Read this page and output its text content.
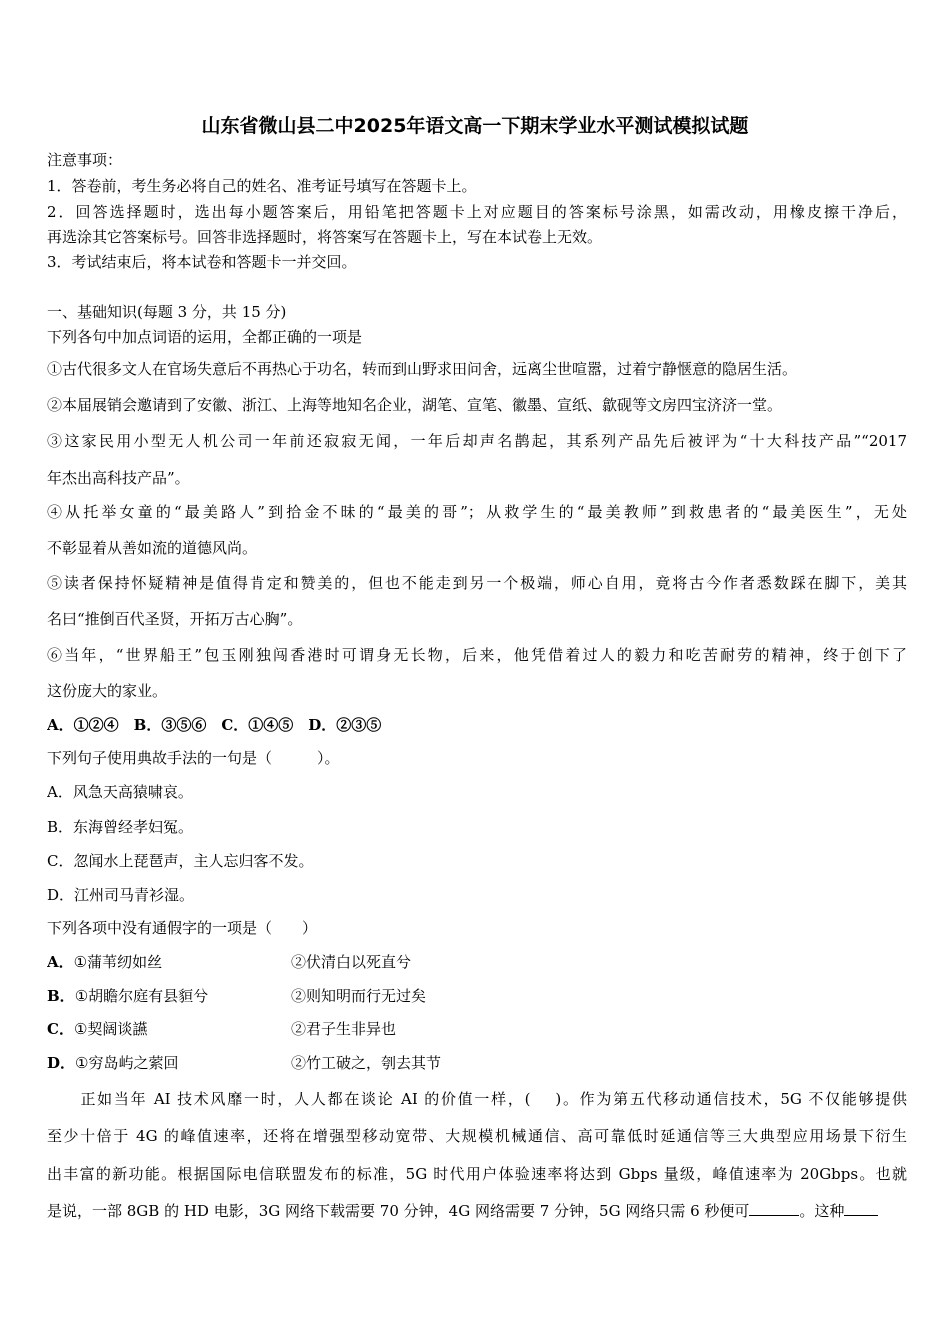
山东省微山县二中2025年语文高一下期末学业水平测试模拟试题
注意事项：
1．答卷前，考生务必将自己的姓名、准考证号填写在答题卡上。
2．回答选择题时，选出每小题答案后，用铅笔把答题卡上对应题目的答案标号涂黑，如需改动，用橡皮擦干净后，
再选涂其它答案标号。回答非选择题时，将答案写在答题卡上，写在本试卷上无效。
3．考试结束后，将本试卷和答题卡一并交回。
一、基础知识(每题 3 分，共 15 分)
下列各句中加点词语的运用，全都正确的一项是
①古代很多文人在官场失意后不再热心于功名，转而到山野求田问舍，远离尘世喧嚣，过着宁静惬意的隐居生活。
②本届展销会邀请到了安徽、浙江、上海等地知名企业，湖笔、宣笔、徽墨、宣纸、歙砚等文房四宝济济一堂。
③这家民用小型无人机公司一年前还寂寂无闻，一年后却声名鹊起，其系列产品先后被评为“十大科技产品”“2017
年杰出高科技产品”。
④从托举女童的“最美路人”到拾金不昧的“最美的哥”；从救学生的“最美教师”到救患者的“最美医生”，无处
不彰显着从善如流的道德风尚。
⑤读者保持怀疑精神是值得肯定和赞美的，但也不能走到另一个极端，师心自用，竟将古今作者悉数踩在脚下，美其
名曰“推倒百代圣贤，开拓万古心胸”。
⑥当年，“世界船王”包玉刚独闯香港时可谓身无长物，后来，他凭借着过人的毅力和吃苦耐劳的精神，终于创下了
这份庞大的家业。
A．①②④　B．③⑤⑥　C．①④⑤　D．②③⑤
下列句子使用典故手法的一句是（　　　）。
A．风急天高猿啸哀。
B．东海曾经孝妇冤。
C．忽闻水上琵琶声，主人忘归客不发。
D．江州司马青衫湿。
下列各项中没有通假字的一项是（　　）
A．①蒲苇纫如丝	②伏清白以死直兮
B．①胡瞻尔庭有县貆兮	②则知明而行无过矣
C．①契阔谈讌	②君子生非异也
D．①穷岛屿之萦回	②竹工破之，刳去其节
　　正如当年 AI 技术风靡一时，人人都在谈论 AI 的价值一样，(　 )。作为第五代移动通信技术，5G 不仅能够提供
至少十倍于 4G 的峰值速率，还将在增强型移动宽带、大规模机械通信、高可靠低时延通信等三大典型应用场景下衍生
出丰富的新功能。根据国际电信联盟发布的标准，5G 时代用户体验速率将达到 Gbps 量级，峰值速率为 20Gbps。也就
是说，一部 8GB 的 HD 电影，3G 网络下载需要 70 分钟，4G 网络需要 7 分钟，5G 网络只需 6 秒便可	。这种
